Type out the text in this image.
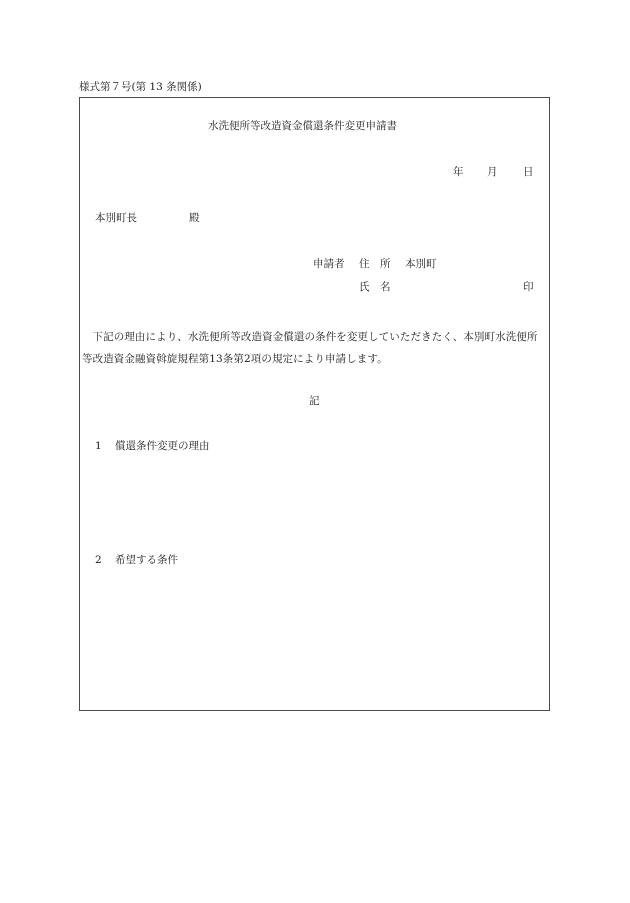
様式第７号(第 13 条関係)
水洗便所等改造資金償還条件変更申請書
年 月 日
本別町長	殿
申請者 住　所 本別町
氏　名	印
下記の理由により、水洗便所等改造資金償還の条件を変更していただきたく、本別町水洗便所等改造資金融資斡旋規程第13条第2項の規定により申請します。
記
1 償還条件変更の理由
2 希望する条件
